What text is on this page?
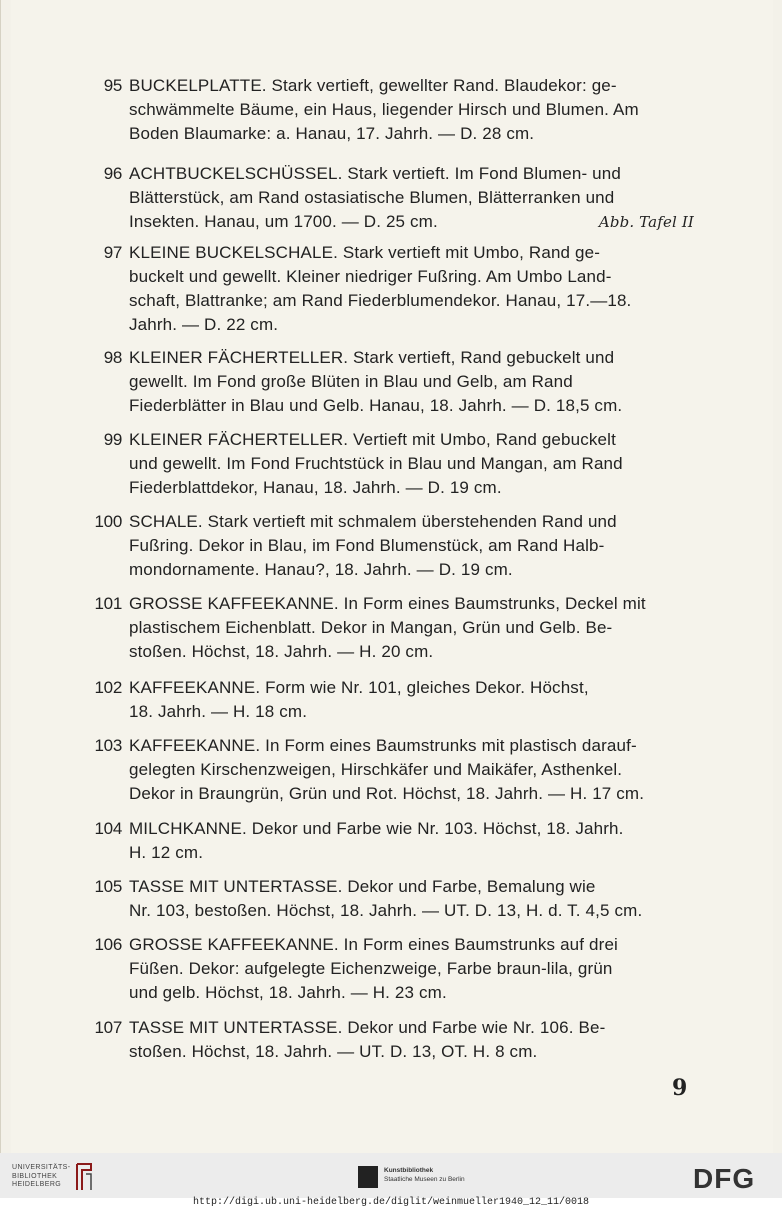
95 BUCKELPLATTE. Stark vertieft, gewellter Rand. Blaudekor: ge-
schwämmelte Bäume, ein Haus, liegender Hirsch und Blumen. Am
Boden Blaumarke: a. Hanau, 17. Jahrh. — D. 28 cm.
96 ACHTBUCKELSCHÜSSEL. Stark vertieft. Im Fond Blumen- und
Blätterstück, am Rand ostasiatische Blumen, Blätterranken und
Abb. Tafel II
Insekten. Hanau, um 1700. — D. 25 cm.
97 KLEINE BUCKELSCHALE. Stark vertieft mit Umbo, Rand ge-
buckelt und gewellt. Kleiner niedriger Fußring. Am Umbo Land-
schaft, Blattranke; am Rand Fiederblumendekor. Hanau, 17.—18.
Jahrh. — D. 22 cm.
98 KLEINER FÄCHERTELLER. Stark vertieft, Rand gebuckelt und
gewellt. Im Fond große Blüten in Blau und Gelb, am Rand
Fiederblätter in Blau und Gelb. Hanau, 18. Jahrh. — D. 18,5 cm.
99 KLEINER FÄCHERTELLER. Vertieft mit Umbo, Rand gebuckelt
und gewellt. Im Fond Fruchtstück in Blau und Mangan, am Rand
Fiederblattdekor, Hanau, 18. Jahrh. — D. 19 cm.
100 SCHALE. Stark vertieft mit schmalem überstehenden Rand und
Fußring. Dekor in Blau, im Fond Blumenstück, am Rand Halb-
mondornamente. Hanau?, 18. Jahrh. — D. 19 cm.
101 GROSSE KAFFEEKANNE. In Form eines Baumstrunks, Deckel mit
plastischem Eichenblatt. Dekor in Mangan, Grün und Gelb. Be-
stoßen. Höchst, 18. Jahrh. — H. 20 cm.
102 KAFFEEKANNE. Form wie Nr. 101, gleiches Dekor. Höchst,
18. Jahrh. — H. 18 cm.
103 KAFFEEKANNE. In Form eines Baumstrunks mit plastisch darauf-
gelegten Kirschenzweigen, Hirschkäfer und Maikäfer, Asthenkel.
Dekor in Braungrün, Grün und Rot. Höchst, 18. Jahrh. — H. 17 cm.
104 MILCHKANNE. Dekor und Farbe wie Nr. 103. Höchst, 18. Jahrh.
H. 12 cm.
105 TASSE MIT UNTERTASSE. Dekor und Farbe, Bemalung wie
Nr. 103, bestoßen. Höchst, 18. Jahrh. — UT. D. 13, H. d. T. 4,5 cm.
106 GROSSE KAFFEEKANNE. In Form eines Baumstrunks auf drei
Füßen. Dekor: aufgelegte Eichenzweige, Farbe braun-lila, grün
und gelb. Höchst, 18. Jahrh. — H. 23 cm.
107 TASSE MIT UNTERTASSE. Dekor und Farbe wie Nr. 106. Be-
stoßen. Höchst, 18. Jahrh. — UT. D. 13, OT. H. 8 cm.
9
UNIVERSITÄTS-
BIBLIOTHEK
HEIDELBERG
Kunstbibliothek
Staatliche Museen zu Berlin	DFG
http://digi.ub.uni-heidelberg.de/diglit/weinmueller1940_12_11/0018
